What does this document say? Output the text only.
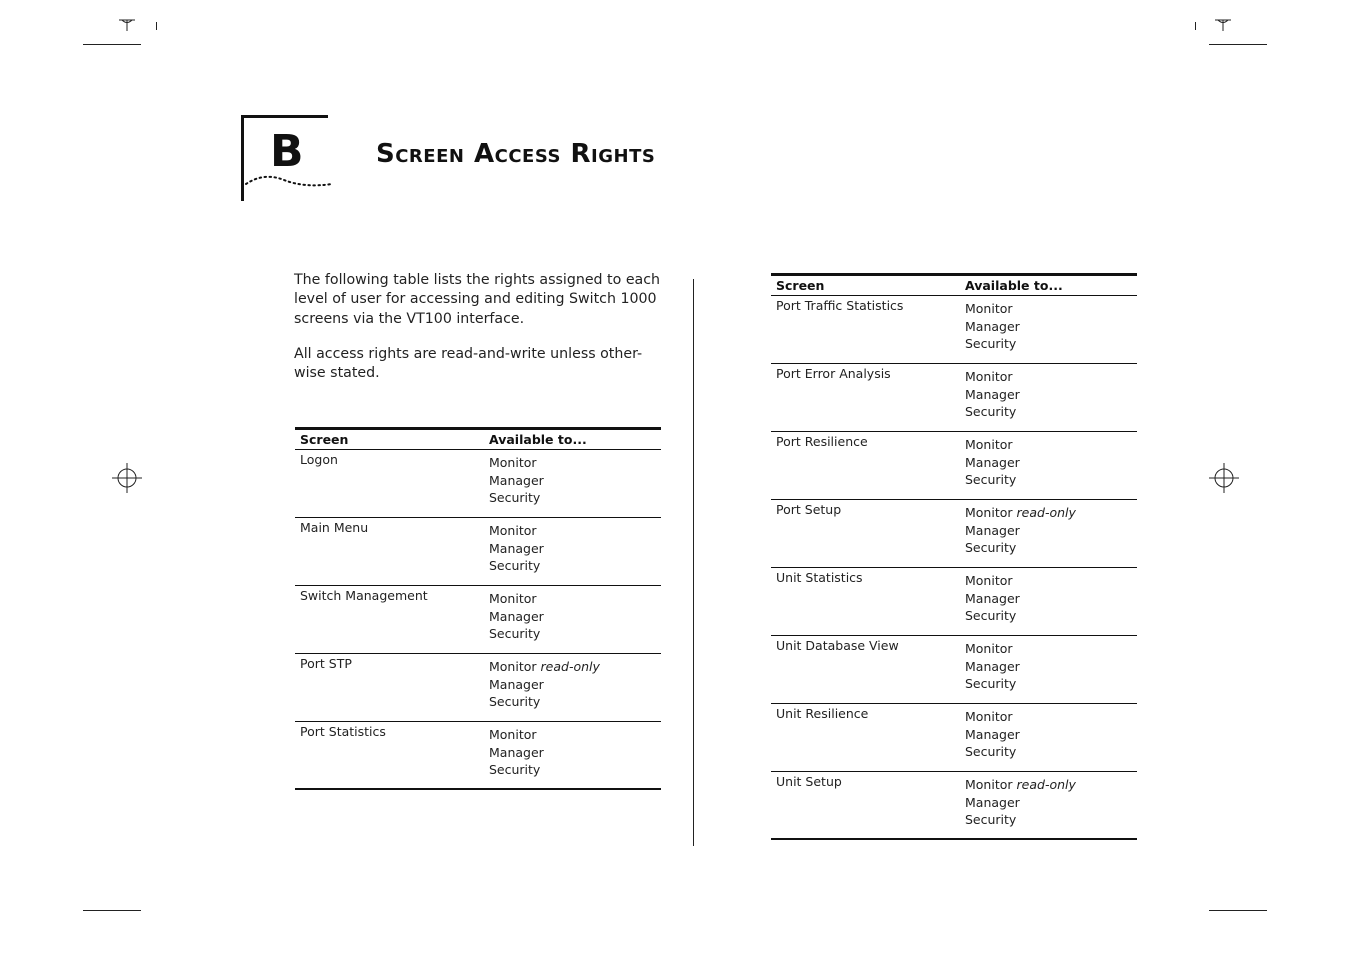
B	Screen Access Rights
The following table lists the rights assigned to each
level of user for accessing and editing Switch 1000
screens via the VT100 interface.
All access rights are read-and-write unless other-
wise stated.
Screen	Available to...
Logon	Monitor
Manager
Security
Main Menu	Monitor
Manager
Security
Switch Management	Monitor
Manager
Security
Port STP	Monitor read-only
Manager
Security
Port Statistics	Monitor
Manager
Security
Screen	Available to...
Port Traffic Statistics	Monitor
Manager
Security
Port Error Analysis	Monitor
Manager
Security
Port Resilience	Monitor
Manager
Security
Port Setup	Monitor read-only
Manager
Security
Unit Statistics	Monitor
Manager
Security
Unit Database View	Monitor
Manager
Security
Unit Resilience	Monitor
Manager
Security
Unit Setup	Monitor read-only
Manager
Security
